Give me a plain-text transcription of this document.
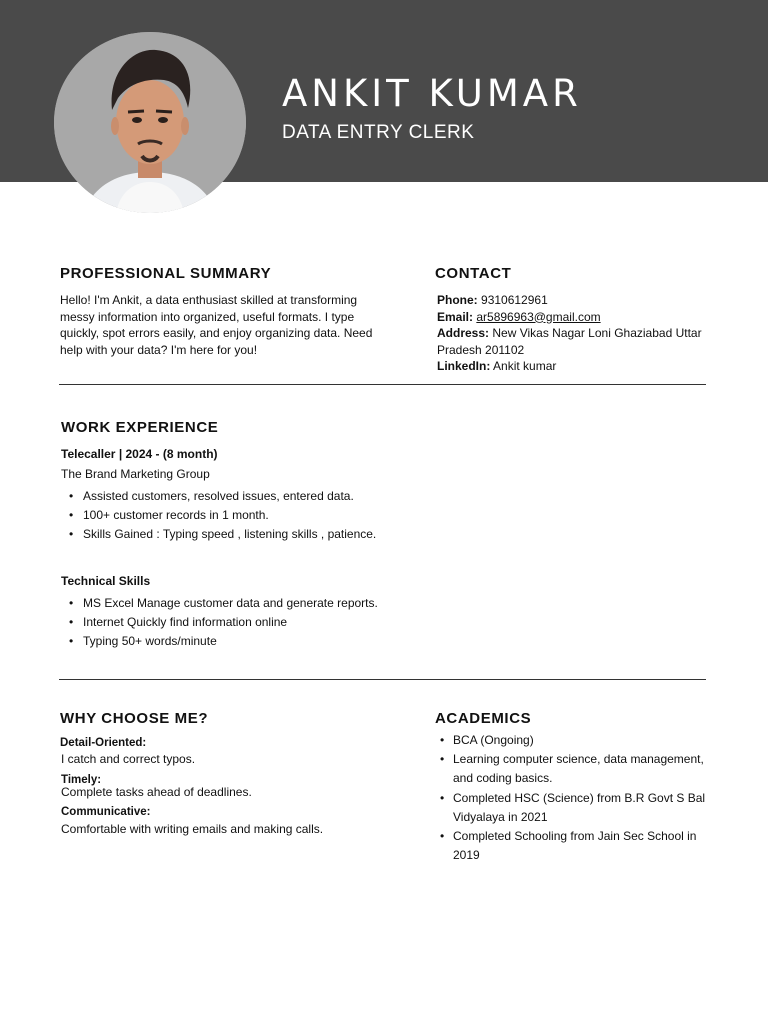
ANKIT KUMAR
DATA ENTRY CLERK
PROFESSIONAL SUMMARY
Hello! I'm Ankit, a data enthusiast skilled at transforming messy information into organized, useful formats. I type quickly, spot errors easily, and enjoy organizing data. Need help with your data? I'm here for you!
CONTACT
Phone: 9310612961
Email: ar5896963@gmail.com
Address: New Vikas Nagar Loni Ghaziabad Uttar Pradesh 201102
LinkedIn: Ankit kumar
WORK EXPERIENCE
Telecaller | 2024 - (8 month)
The Brand Marketing Group
• Assisted customers, resolved issues, entered data.
• 100+ customer records in 1 month.
• Skills Gained : Typing speed , listening skills , patience.
Technical Skills
• MS Excel Manage customer data and generate reports.
• Internet Quickly find information online
• Typing 50+ words/minute
WHY CHOOSE ME?
Detail-Oriented:
I catch and correct typos.
Timely:
Complete tasks ahead of deadlines.
Communicative:
Comfortable with writing emails and making calls.
ACADEMICS
• BCA (Ongoing)
• Learning computer science, data management, and coding basics.
• Completed HSC (Science) from B.R Govt S Bal Vidyalaya in 2021
• Completed Schooling from Jain Sec School in 2019
